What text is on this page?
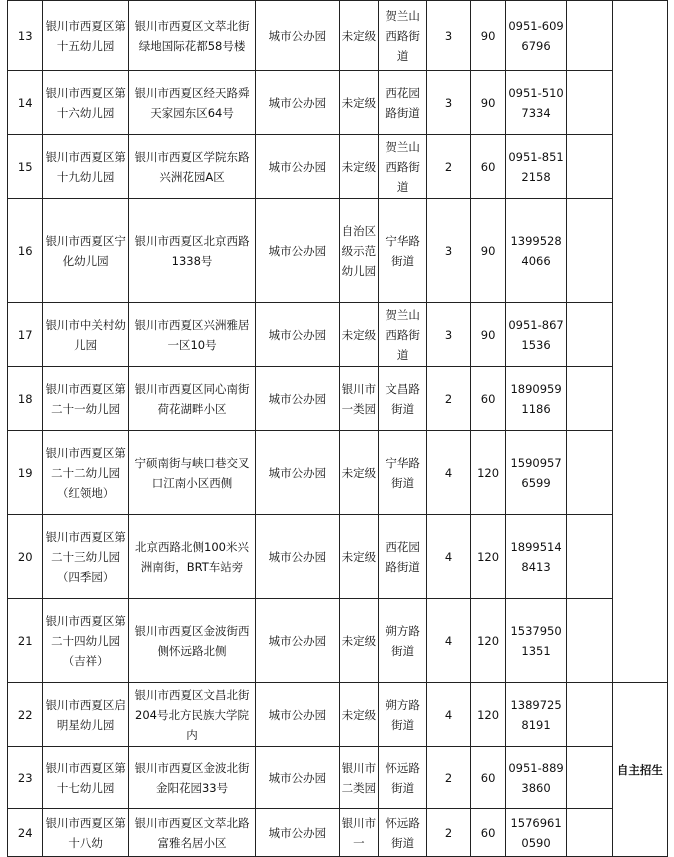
13	银川市西夏区第十五幼儿园	银川市西夏区文萃北街绿地国际花都58号楼	城市公办园	未定级	贺兰山西路街道	3	90	0951-6096796		
14	银川市西夏区第十六幼儿园	银川市西夏区经天路舜天家园东区64号	城市公办园	未定级	西花园路街道	3	90	0951-5107334		
15	银川市西夏区第十九幼儿园	银川市西夏区学院东路兴洲花园A区	城市公办园	未定级	贺兰山西路街道	2	60	0951-8512158		
16	银川市西夏区宁化幼儿园	银川市西夏区北京西路1338号	城市公办园	自治区级示范幼儿园	宁华路街道	3	90	13995284066		
17	银川市中关村幼儿园	银川市西夏区兴洲雅居一区10号	城市公办园	未定级	贺兰山西路街道	3	90	0951-8671536		
18	银川市西夏区第二十一幼儿园	银川市西夏区同心南街荷花湖畔小区	城市公办园	银川市一类园	文昌路街道	2	60	18909591186		
19	银川市西夏区第二十二幼儿园（红领地）	宁硕南街与峡口巷交叉口江南小区西侧	城市公办园	未定级	宁华路街道	4	120	15909576599		
20	银川市西夏区第二十三幼儿园（四季园）	北京西路北侧100米兴洲南街，BRT车站旁	城市公办园	未定级	西花园路街道	4	120	18995148413		
21	银川市西夏区第二十四幼儿园（吉祥）	银川市西夏区金波街西侧怀远路北侧	城市公办园	未定级	朔方路街道	4	120	15379501351		
22	银川市西夏区启明星幼儿园	银川市西夏区文昌北街204号北方民族大学院内	城市公办园	未定级	朔方路街道	4	120	13897258191		自主招生
23	银川市西夏区第十七幼儿园	银川市西夏区金波北街金阳花园33号	城市公办园	银川市二类园	怀远路街道	2	60	0951-8893860		
24	银川市西夏区第十八幼	银川市西夏区文萃北路富雅名居小区	城市公办园	银川市一	怀远路街道	2	60	15769610590		
